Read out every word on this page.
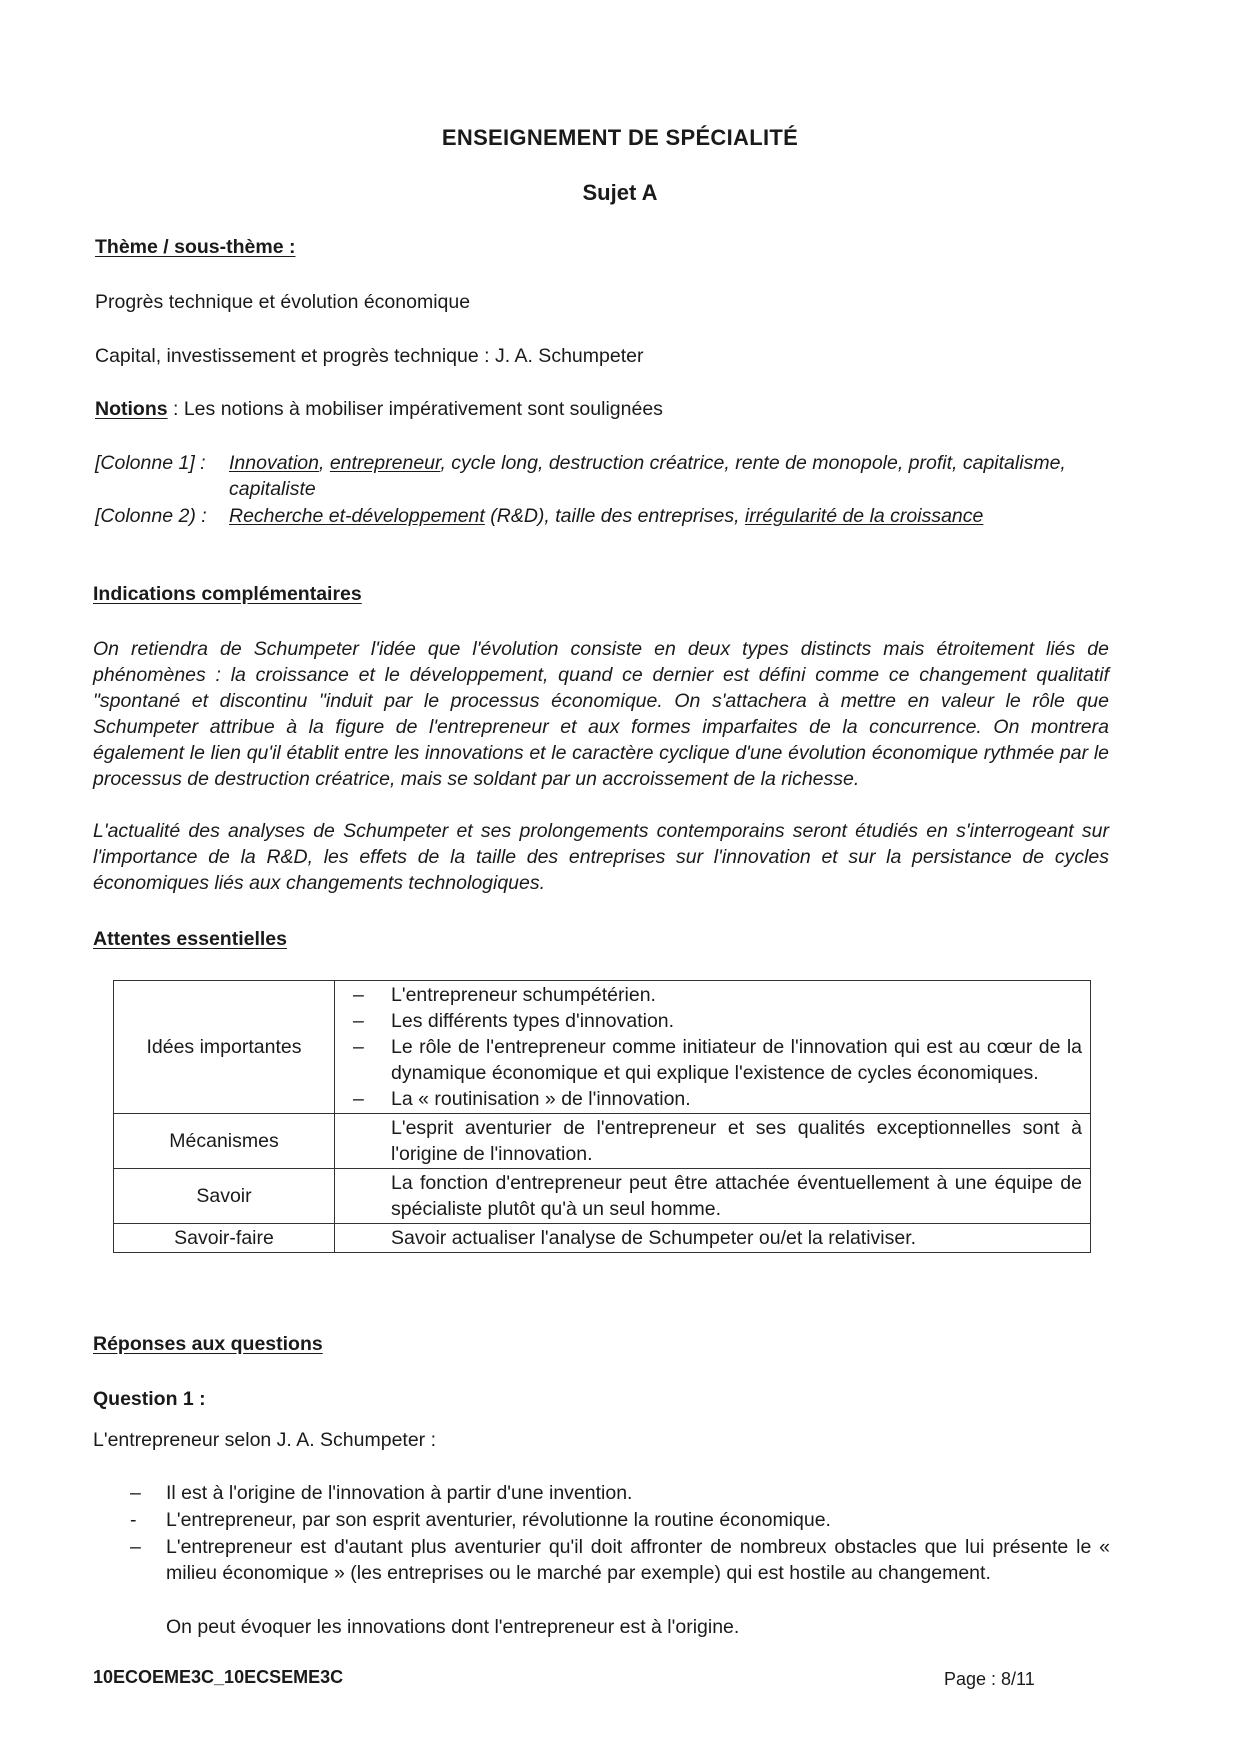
ENSEIGNEMENT DE SPÉCIALITÉ
Sujet A
Thème / sous-thème :
Progrès technique et évolution économique
Capital, investissement et progrès technique : J. A. Schumpeter
Notions : Les notions à mobiliser impérativement sont soulignées
[Colonne 1] : Innovation, entrepreneur, cycle long, destruction créatrice, rente de monopole, profit, capitalisme, capitaliste
[Colonne 2) : Recherche et-développement (R&D), taille des entreprises, irrégularité de la croissance
Indications complémentaires
On retiendra de Schumpeter l'idée que l'évolution consiste en deux types distincts mais étroitement liés de phénomènes : la croissance et le développement, quand ce dernier est défini comme ce changement qualitatif "spontané et discontinu "induit par le processus économique. On s'attachera à mettre en valeur le rôle que Schumpeter attribue à la figure de l'entrepreneur et aux formes imparfaites de la concurrence. On montrera également le lien qu'il établit entre les innovations et le caractère cyclique d'une évolution économique rythmée par le processus de destruction créatrice, mais se soldant par un accroissement de la richesse.
L'actualité des analyses de Schumpeter et ses prolongements contemporains seront étudiés en s'interrogeant sur l'importance de la R&D, les effets de la taille des entreprises sur l'innovation et sur la persistance de cycles économiques liés aux changements technologiques.
Attentes essentielles
Idées importantes	– L'entrepreneur schumpétérien.
– Les différents types d'innovation.
– Le rôle de l'entrepreneur comme initiateur de l'innovation qui est au cœur de la dynamique économique et qui explique l'existence de cycles économiques.
– La « routinisation » de l'innovation.

Mécanismes	L'esprit aventurier de l'entrepreneur et ses qualités exceptionnelles sont à l'origine de l'innovation.
Savoir	La fonction d'entrepreneur peut être attachée éventuellement à une équipe de spécialiste plutôt qu'à un seul homme.
Savoir-faire	Savoir actualiser l'analyse de Schumpeter ou/et la relativiser.
Réponses aux questions
Question 1 :
L'entrepreneur selon J. A. Schumpeter :
– Il est à l'origine de l'innovation à partir d'une invention.
- L'entrepreneur, par son esprit aventurier, révolutionne la routine économique.
– L'entrepreneur est d'autant plus aventurier qu'il doit affronter de nombreux obstacles que lui présente le « milieu économique » (les entreprises ou le marché par exemple) qui est hostile au changement.
On peut évoquer les innovations dont l'entrepreneur est à l'origine.
10ECOEME3C_10ECSEME3C	Page : 8/11
